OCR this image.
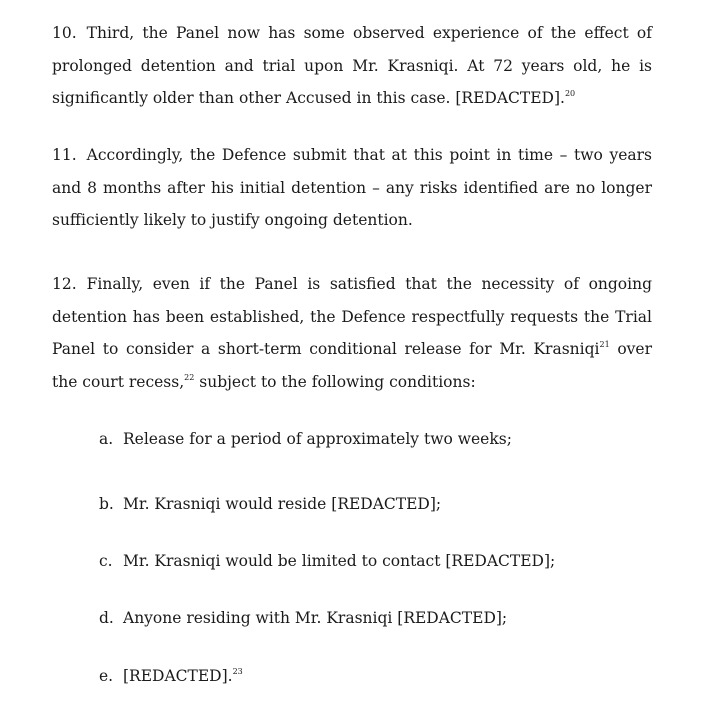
10. Third, the Panel now has some observed experience of the effect of prolonged detention and trial upon Mr. Krasniqi. At 72 years old, he is significantly older than other Accused in this case. [REDACTED].$^{20}$

11. Accordingly, the Defence submit that at this point in time – two years and 8 months after his initial detention – any risks identified are no longer sufficiently likely to justify ongoing detention.

12. Finally, even if the Panel is satisfied that the necessity of ongoing detention has been established, the Defence respectfully requests the Trial Panel to consider a short-term conditional release for Mr. Krasniqi$^{21}$ over the court recess,$^{22}$ subject to the following conditions:

a. Release for a period of approximately two weeks;
b. Mr. Krasniqi would reside [REDACTED];
c. Mr. Krasniqi would be limited to contact [REDACTED];
d. Anyone residing with Mr. Krasniqi [REDACTED];
e. [REDACTED].$^{23}$
